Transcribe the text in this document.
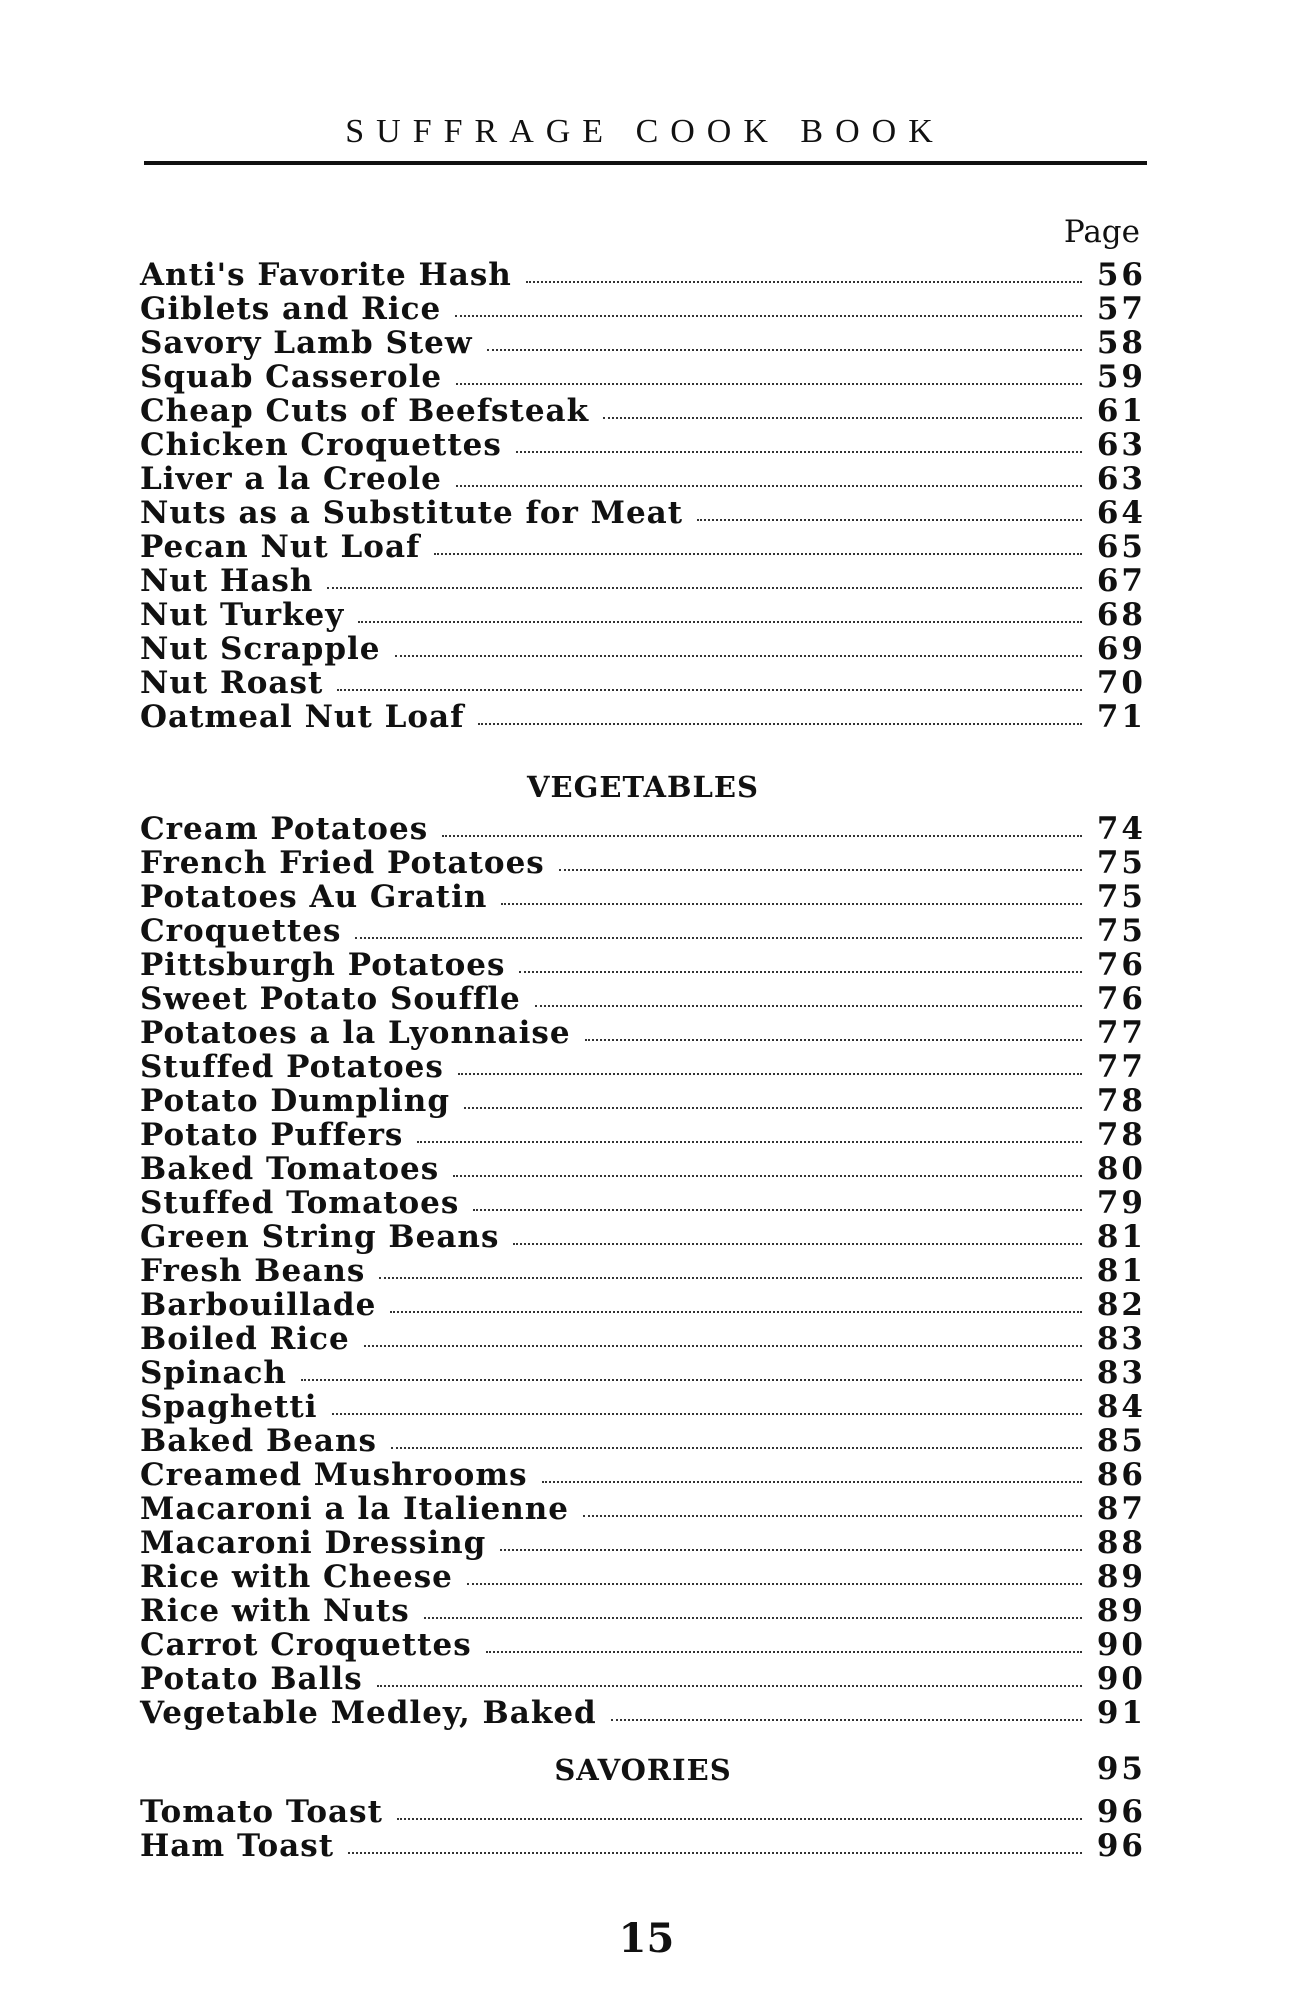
SUFFRAGE COOK BOOK
Page
Anti's Favorite Hash	56
Giblets and Rice	57
Savory Lamb Stew	58
Squab Casserole	59
Cheap Cuts of Beefsteak	61
Chicken Croquettes	63
Liver a la Creole	63
Nuts as a Substitute for Meat	64
Pecan Nut Loaf	65
Nut Hash	67
Nut Turkey	68
Nut Scrapple	69
Nut Roast	70
Oatmeal Nut Loaf	71
VEGETABLES
Cream Potatoes	74
French Fried Potatoes	75
Potatoes Au Gratin	75
Croquettes	75
Pittsburgh Potatoes	76
Sweet Potato Souffle	76
Potatoes a la Lyonnaise	77
Stuffed Potatoes	77
Potato Dumpling	78
Potato Puffers	78
Baked Tomatoes	80
Stuffed Tomatoes	79
Green String Beans	81
Fresh Beans	81
Barbouillade	82
Boiled Rice	83
Spinach	83
Spaghetti	84
Baked Beans	85
Creamed Mushrooms	86
Macaroni a la Italienne	87
Macaroni Dressing	88
Rice with Cheese	89
Rice with Nuts	89
Carrot Croquettes	90
Potato Balls	90
Vegetable Medley, Baked	91
SAVORIES	95
Tomato Toast	96
Ham Toast	96
15
